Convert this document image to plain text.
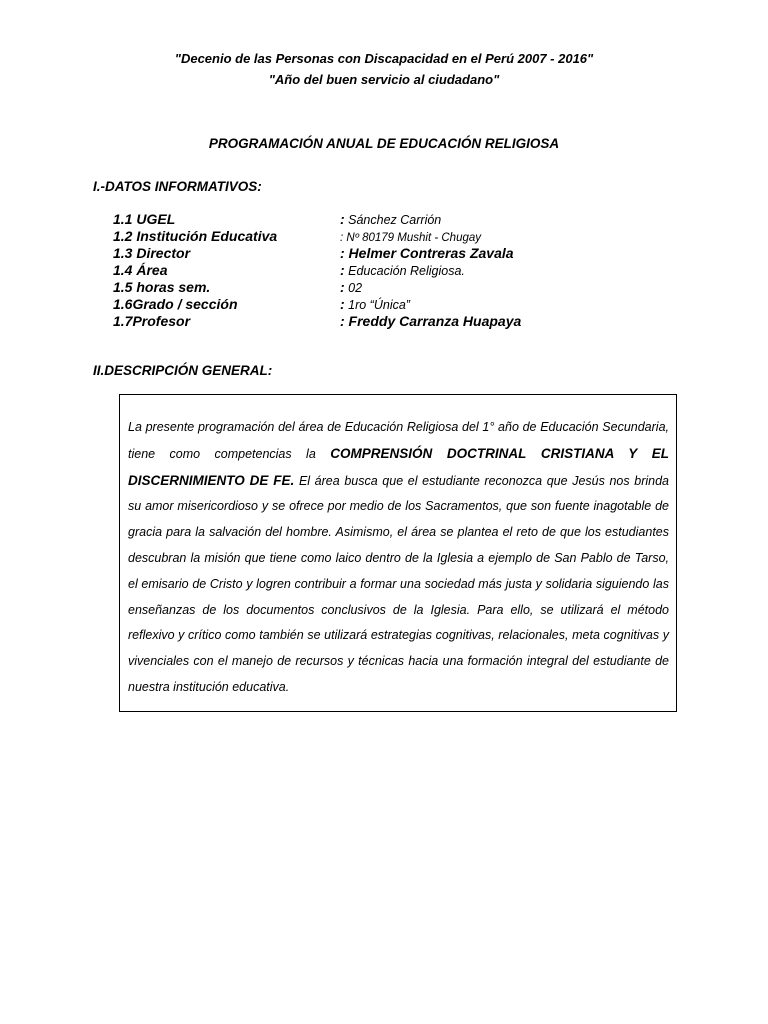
"Decenio de las Personas con Discapacidad en el Perú 2007 - 2016"
"Año del buen servicio al ciudadano"
PROGRAMACIÓN ANUAL DE EDUCACIÓN RELIGIOSA
I.-DATOS INFORMATIVOS:
1.1 UGEL	: Sánchez Carrión
1.2 Institución Educativa	: Nº 80179 Mushit - Chugay
1.3 Director	: Helmer Contreras Zavala
1.4 Área	: Educación Religiosa.
1.5 horas sem.	: 02
1.6Grado / sección	: 1ro “Única”
1.7Profesor	: Freddy Carranza Huapaya
II.DESCRIPCIÓN GENERAL:
La presente programación del área de Educación Religiosa del 1° año de Educación Secundaria, tiene como competencias la COMPRENSIÓN DOCTRINAL CRISTIANA Y EL DISCERNIMIENTO DE FE. El área busca que el estudiante reconozca que Jesús nos brinda su amor misericordioso y se ofrece por medio de los Sacramentos, que son fuente inagotable de gracia para la salvación del hombre. Asimismo, el área se plantea el reto de que los estudiantes descubran la misión que tiene como laico dentro de la Iglesia a ejemplo de San Pablo de Tarso, el emisario de Cristo y logren contribuir a formar una sociedad más justa y solidaria siguiendo las enseñanzas de los documentos conclusivos de la Iglesia. Para ello, se utilizará el método reflexivo y crítico como también se utilizará estrategias cognitivas, relacionales, meta cognitivas y vivenciales con el manejo de recursos y técnicas hacia una formación integral del estudiante de nuestra institución educativa.
